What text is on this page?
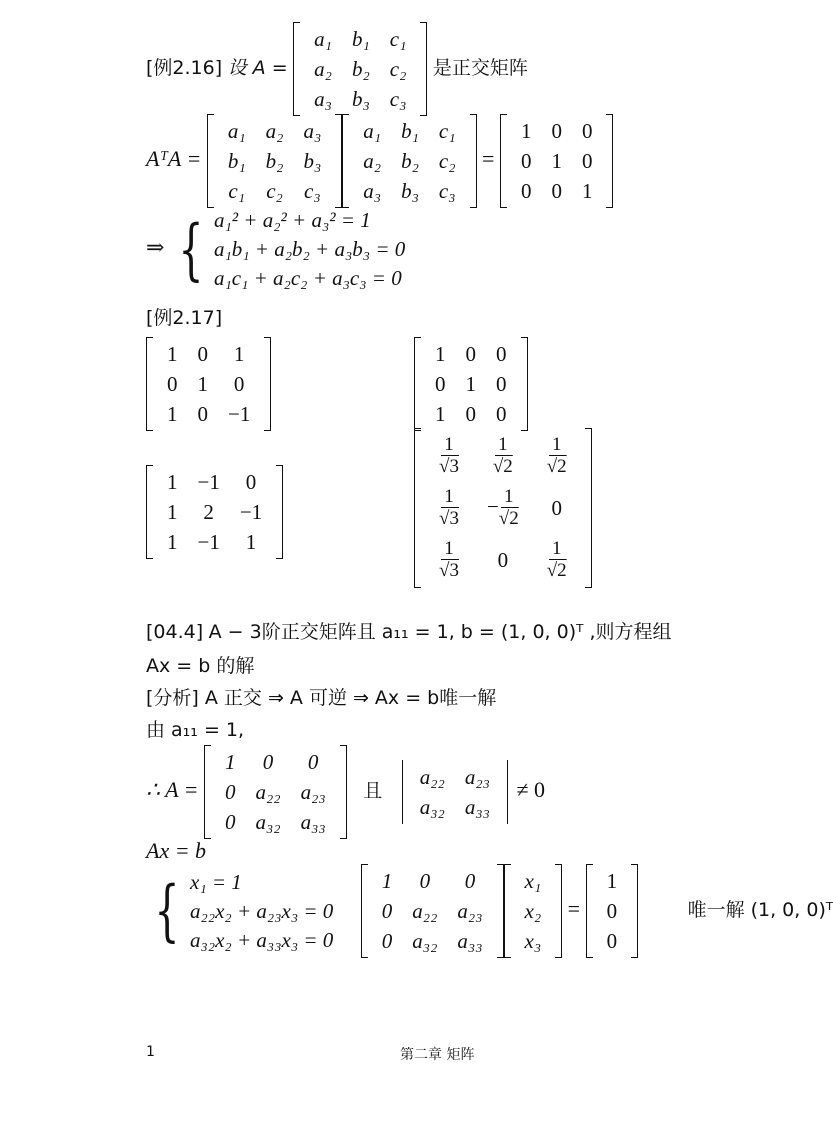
[例2.16] 设 A =
a₁	b₁	c₁
a₂	b₂	c₂
a₃	b₃	c₃
是正交矩阵
AᵀA =
a₁	a₂	a₃
b₁	b₂	b₃
c₁	c₂	c₃
a₁	b₁	c₁
a₂	b₂	c₂
a₃	b₃	c₃
=
1	0	0
0	1	0
0	0	1
⇒ { a₁² + a₂² + a₃² = 1
a₁b₁ + a₂b₂ + a₃b₃ = 0
a₁c₁ + a₂c₂ + a₃c₃ = 0
[例2.17]
1	0	1
0	1	0
1	0	−1
1	0	0
0	1	0
1	0	0
1	−1	0
1	2	−1
1	−1	1
$\frac{1}{√3}$	$\frac{1}{√2}$	$\frac{1}{√2}$

$\frac{1}{√3}$	− $\frac{1}{√2}$	0

$\frac{1}{√3}$	0	$\frac{1}{√2}$
[04.4] A − 3阶正交矩阵且 a₁₁ = 1, b = (1, 0, 0)ᵀ ,则方程组
Ax = b 的解
[分析] A 正交 ⇒ A 可逆 ⇒ Ax = b唯一解
由 a₁₁ = 1,
∴ A =
1	0	0
0	a₂₂	a₂₃
0	a₃₂	a₃₃
且
a₂₂	a₂₃
a₃₂	a₃₃
≠ 0
Ax = b
{ x₁ = 1
a₂₂x₂ + a₂₃x₃ = 0
a₃₂x₂ + a₃₃x₃ = 0

1	0	0
0	a₂₂	a₂₃
0	a₃₂	a₃₃
x₁
x₂
x₃
=
1
0
0
唯一解 (1, 0, 0)ᵀ
1	第二章 矩阵
